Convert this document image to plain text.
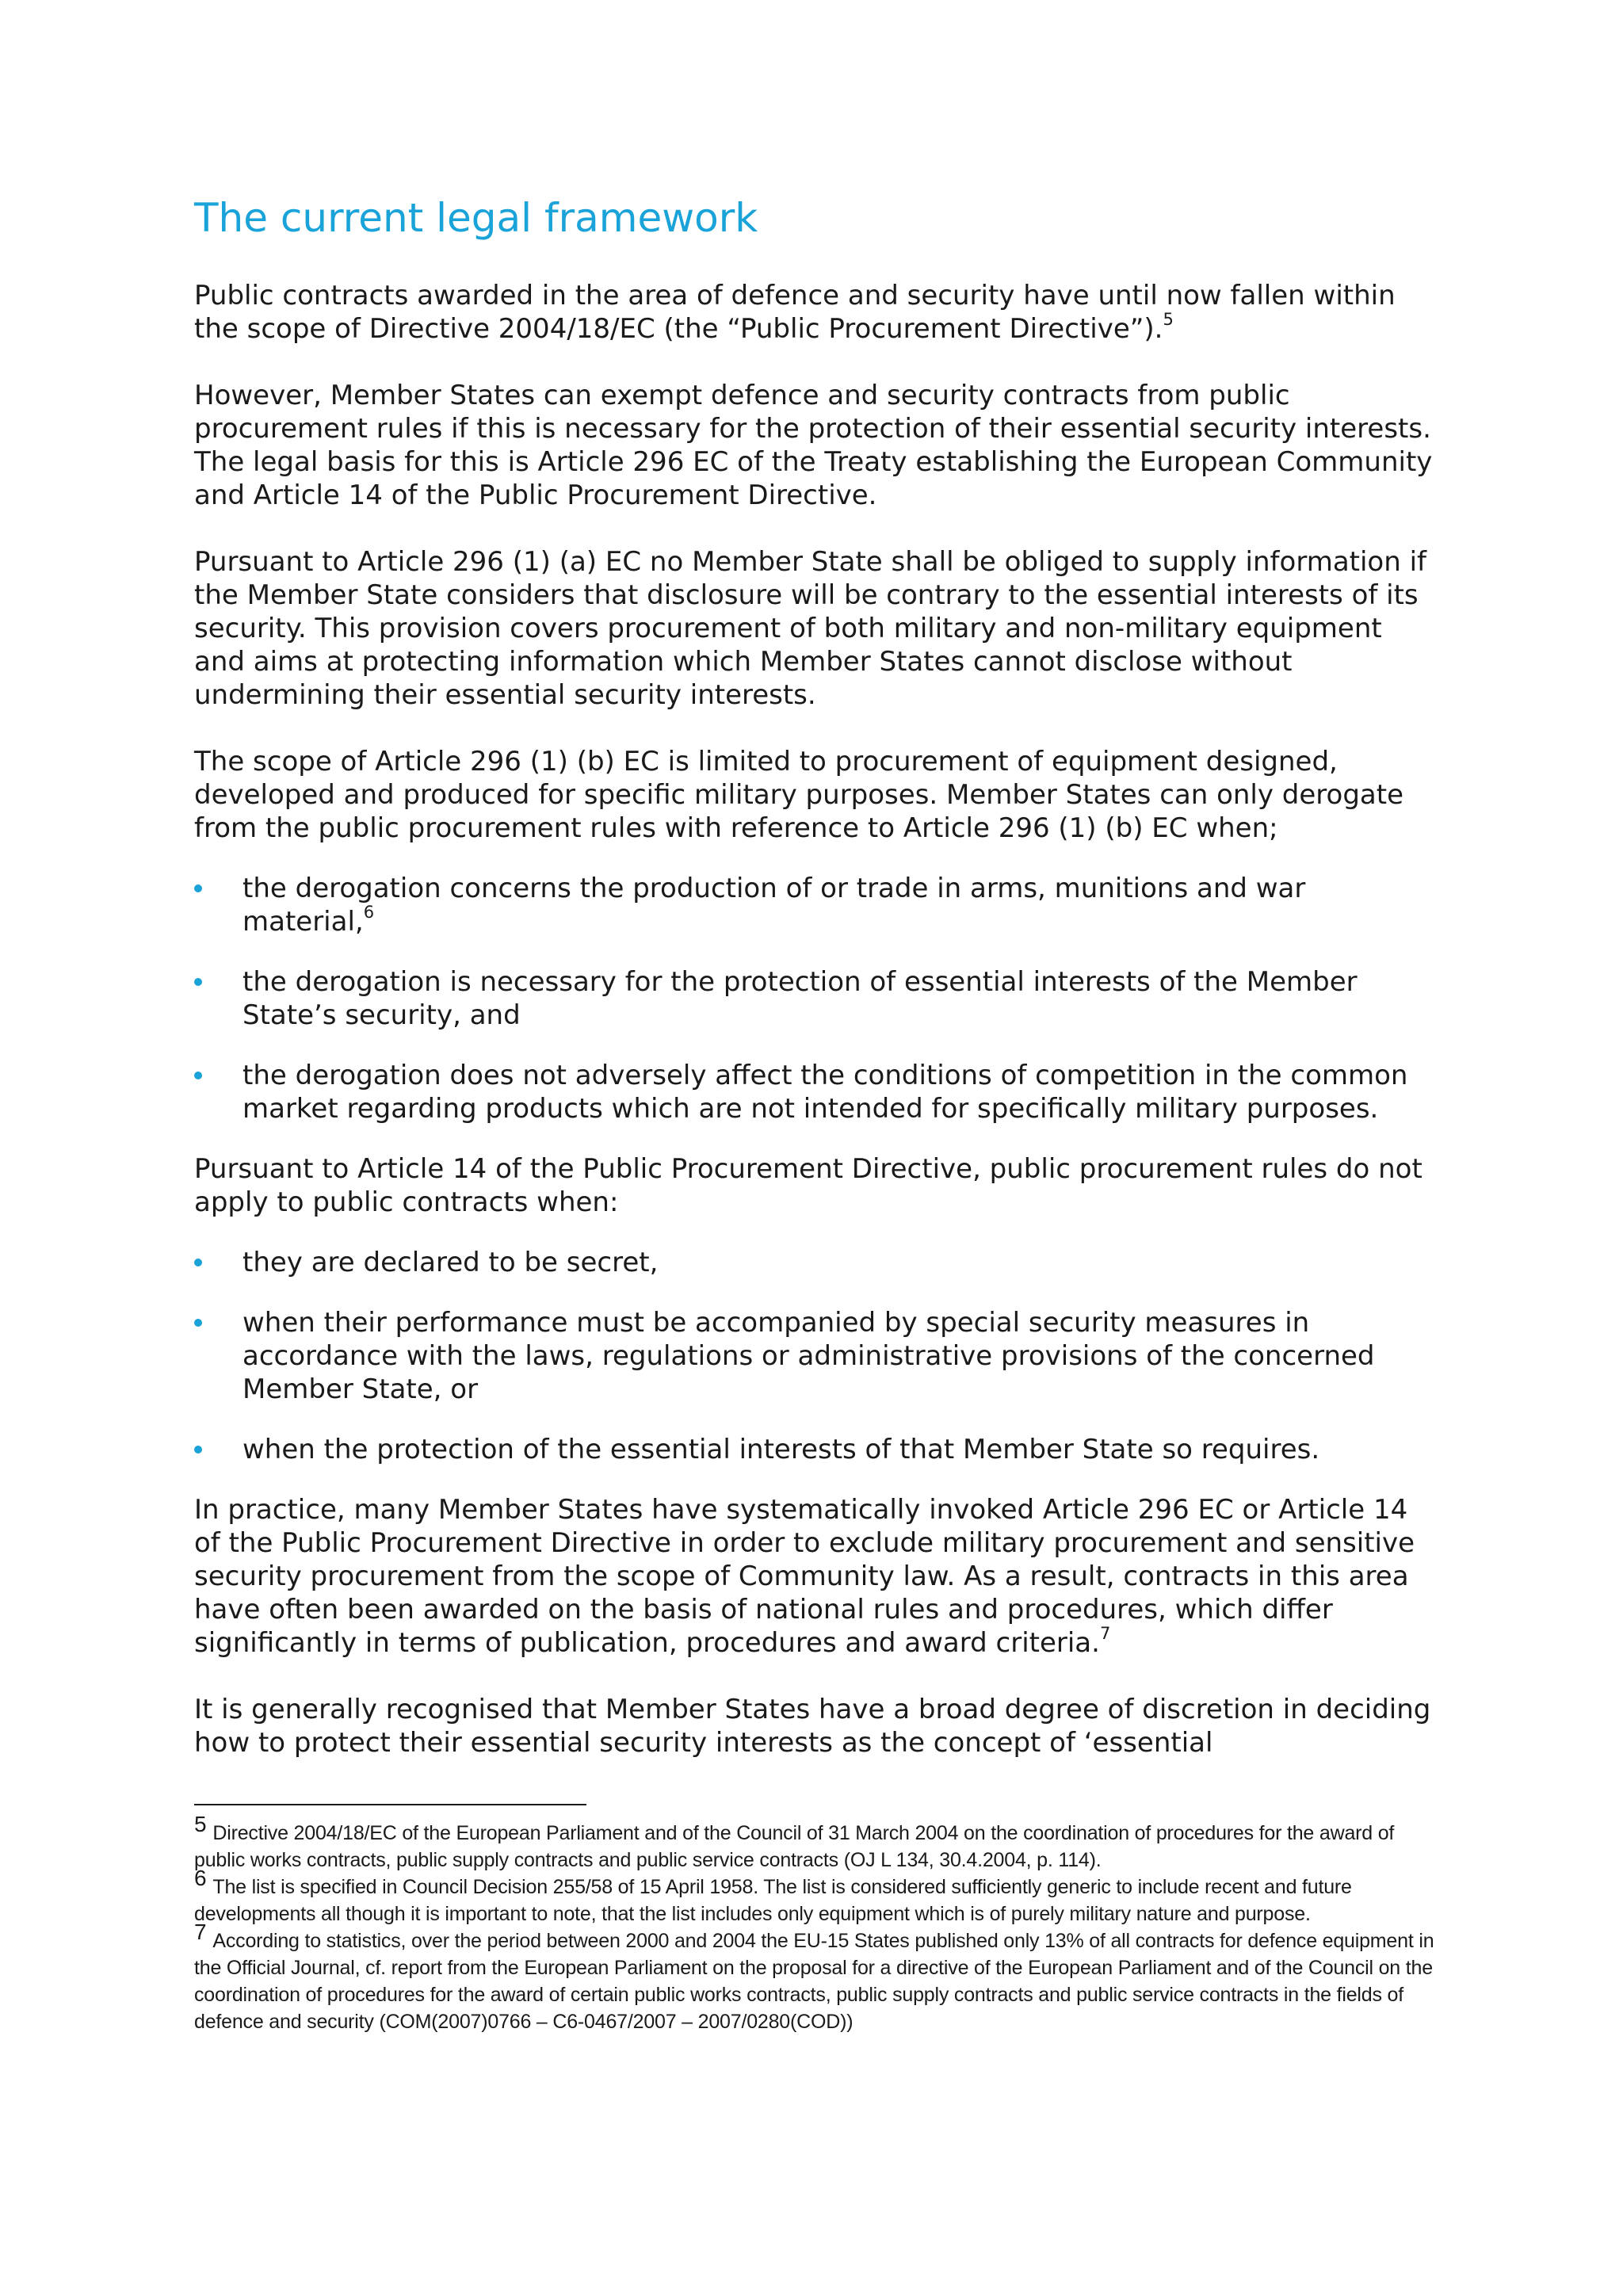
The current legal framework

Public contracts awarded in the area of defence and security have until now fallen within the scope of Directive 2004/18/EC (the “Public Procurement Directive”).$^5$

However, Member States can exempt defence and security contracts from public procurement rules if this is necessary for the protection of their essential security interests. The legal basis for this is Article 296 EC of the Treaty establishing the European Community and Article 14 of the Public Procurement Directive.

Pursuant to Article 296 (1) (a) EC no Member State shall be obliged to supply information if the Member State considers that disclosure will be contrary to the essential interests of its security. This provision covers procurement of both military and non-military equipment and aims at protecting information which Member States cannot disclose without undermining their essential security interests.

The scope of Article 296 (1) (b) EC is limited to procurement of equipment designed, developed and produced for specific military purposes. Member States can only derogate from the public procurement rules with reference to Article 296 (1) (b) EC when;

the derogation concerns the production of or trade in arms, munitions and war material,$^6$
the derogation is necessary for the protection of essential interests of the Member State’s security, and
the derogation does not adversely affect the conditions of competition in the common market regarding products which are not intended for specifically military purposes.

Pursuant to Article 14 of the Public Procurement Directive, public procurement rules do not apply to public contracts when:

they are declared to be secret,
when their performance must be accompanied by special security measures in accordance with the laws, regulations or administrative provisions of the concerned Member State, or
when the protection of the essential interests of that Member State so requires.

In practice, many Member States have systematically invoked Article 296 EC or Article 14 of the Public Procurement Directive in order to exclude military procurement and sensitive security procurement from the scope of Community law. As a result, contracts in this area have often been awarded on the basis of national rules and procedures, which differ significantly in terms of publication, procedures and award criteria.$^7$

It is generally recognised that Member States have a broad degree of discretion in deciding how to protect their essential security interests as the concept of ‘essential

5 Directive 2004/18/EC of the European Parliament and of the Council of 31 March 2004 on the coordination of procedures for the award of public works contracts, public supply contracts and public service contracts (OJ L 134, 30.4.2004, p. 114).

6 The list is specified in Council Decision 255/58 of 15 April 1958. The list is considered sufficiently generic to include recent and future developments all though it is important to note, that the list includes only equipment which is of purely military nature and purpose.

7 According to statistics, over the period between 2000 and 2004 the EU-15 States published only 13% of all contracts for defence equipment in the Official Journal, cf. report from the European Parliament on the proposal for a directive of the European Parliament and of the Council on the coordination of procedures for the award of certain public works contracts, public supply contracts and public service contracts in the fields of defence and security (COM(2007)0766 – C6-0467/2007 – 2007/0280(COD))
